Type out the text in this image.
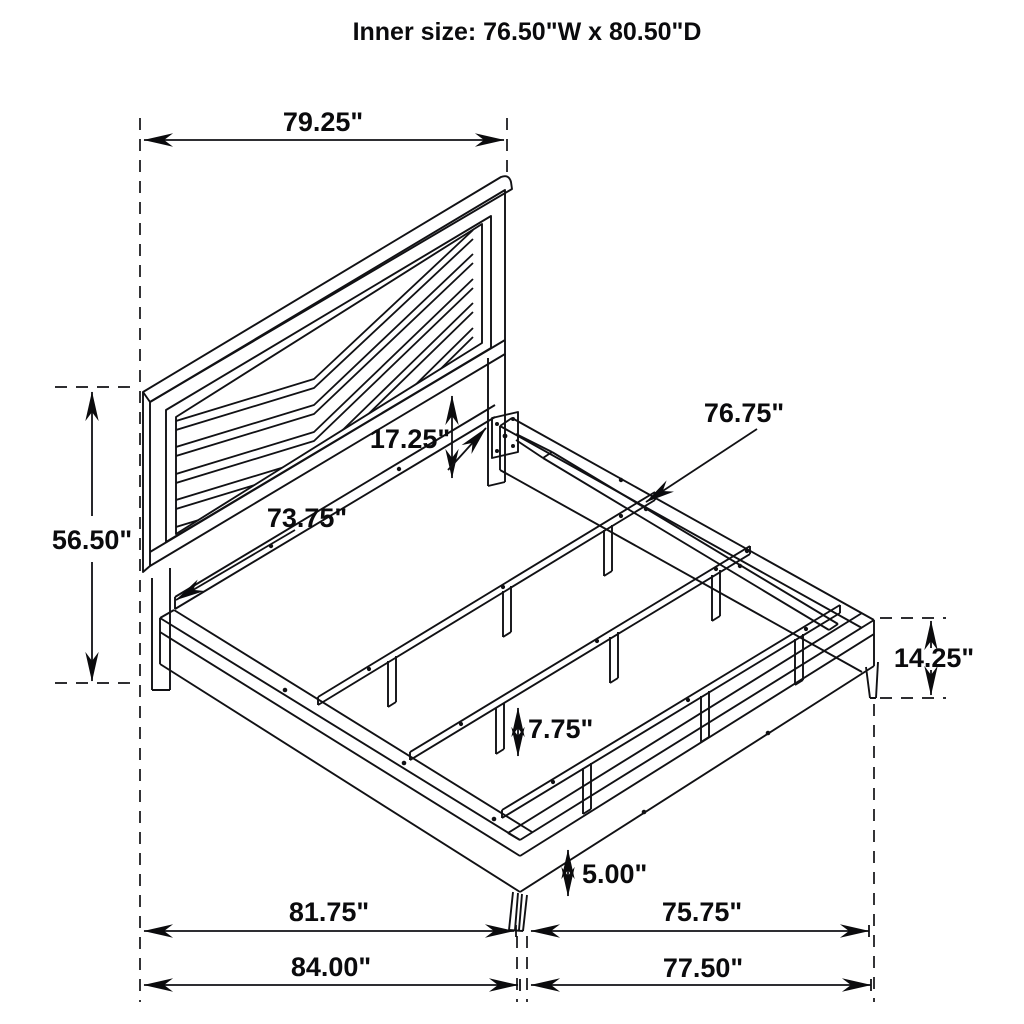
Inner size: 76.50"W x 80.50"D
79.25"
56.50"
17.25"
73.75"
76.75"
14.25"
7.75"
5.00"
81.75"	75.75"
84.00"	77.50"
